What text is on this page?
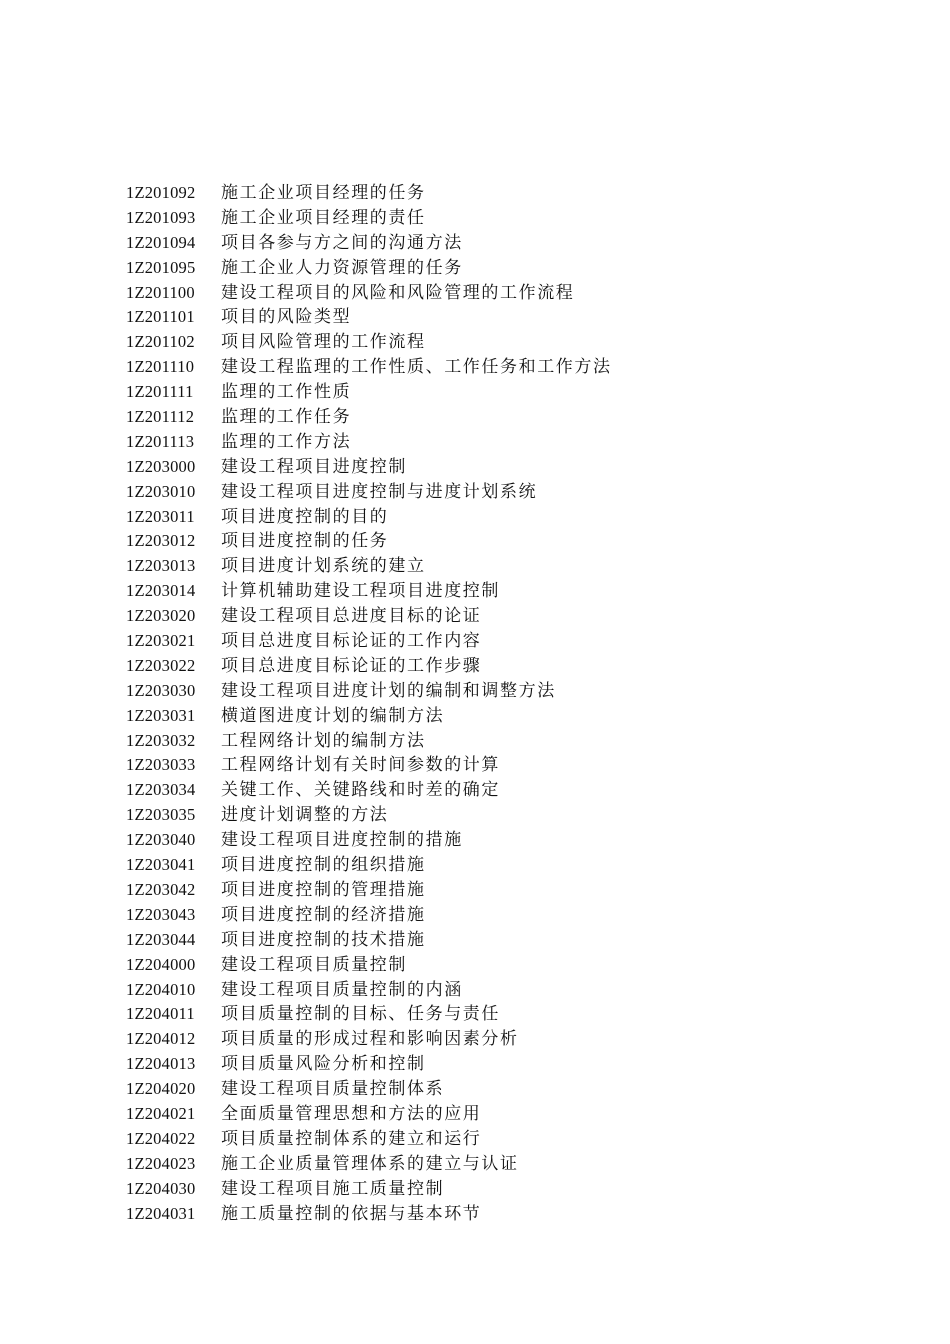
1Z201092	施工企业项目经理的任务
1Z201093	施工企业项目经理的责任
1Z201094	项目各参与方之间的沟通方法
1Z201095	施工企业人力资源管理的任务
1Z201100	建设工程项目的风险和风险管理的工作流程
1Z201101	项目的风险类型
1Z201102	项目风险管理的工作流程
1Z201110	建设工程监理的工作性质、工作任务和工作方法
1Z201111	监理的工作性质
1Z201112	监理的工作任务
1Z201113	监理的工作方法
1Z203000	建设工程项目进度控制
1Z203010	建设工程项目进度控制与进度计划系统
1Z203011	项目进度控制的目的
1Z203012	项目进度控制的任务
1Z203013	项目进度计划系统的建立
1Z203014	计算机辅助建设工程项目进度控制
1Z203020	建设工程项目总进度目标的论证
1Z203021	项目总进度目标论证的工作内容
1Z203022	项目总进度目标论证的工作步骤
1Z203030	建设工程项目进度计划的编制和调整方法
1Z203031	横道图进度计划的编制方法
1Z203032	工程网络计划的编制方法
1Z203033	工程网络计划有关时间参数的计算
1Z203034	关键工作、关键路线和时差的确定
1Z203035	进度计划调整的方法
1Z203040	建设工程项目进度控制的措施
1Z203041	项目进度控制的组织措施
1Z203042	项目进度控制的管理措施
1Z203043	项目进度控制的经济措施
1Z203044	项目进度控制的技术措施
1Z204000	建设工程项目质量控制
1Z204010	建设工程项目质量控制的内涵
1Z204011	项目质量控制的目标、任务与责任
1Z204012	项目质量的形成过程和影响因素分析
1Z204013	项目质量风险分析和控制
1Z204020	建设工程项目质量控制体系
1Z204021	全面质量管理思想和方法的应用
1Z204022	项目质量控制体系的建立和运行
1Z204023	施工企业质量管理体系的建立与认证
1Z204030	建设工程项目施工质量控制
1Z204031	施工质量控制的依据与基本环节
